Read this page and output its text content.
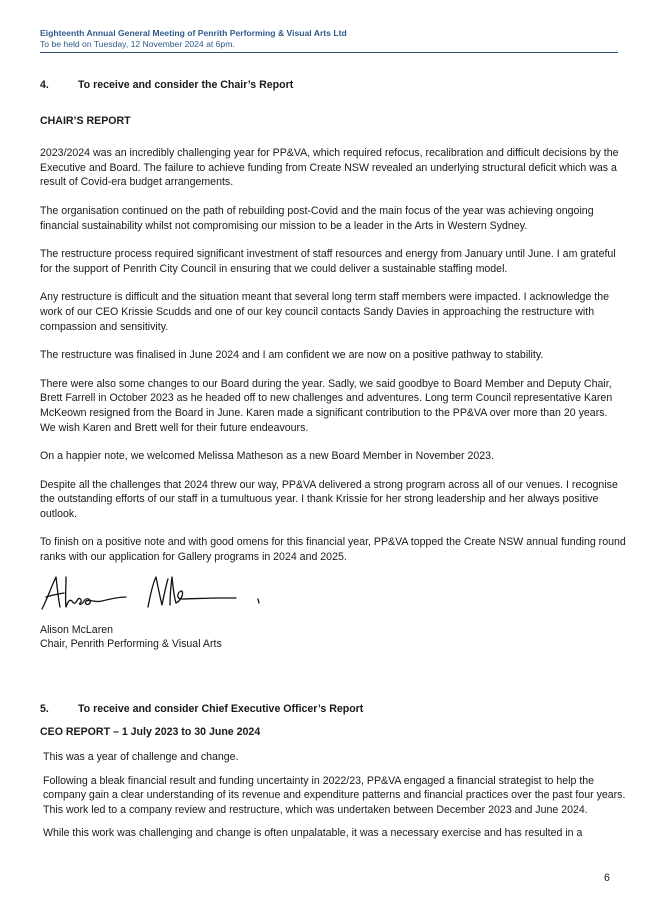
Eighteenth Annual General Meeting of Penrith Performing & Visual Arts Ltd
To be held on Tuesday, 12 November 2024 at 6pm.
4.	To receive and consider the Chair’s Report
CHAIR’S REPORT

2023/2024 was an incredibly challenging year for PP&VA, which required refocus, recalibration and difficult decisions by the Executive and Board. The failure to achieve funding from Create NSW revealed an underlying structural deficit which was a result of Covid-era budget arrangements.

The organisation continued on the path of rebuilding post-Covid and the main focus of the year was achieving ongoing financial sustainability whilst not compromising our mission to be a leader in the Arts in Western Sydney.

The restructure process required significant investment of staff resources and energy from January until June. I am grateful for the support of Penrith City Council in ensuring that we could deliver a sustainable staffing model.

Any restructure is difficult and the situation meant that several long term staff members were impacted. I acknowledge the work of our CEO Krissie Scudds and one of our key council contacts Sandy Davies in approaching the restructure with compassion and sensitivity.

The restructure was finalised in June 2024 and I am confident we are now on a positive pathway to stability.

There were also some changes to our Board during the year. Sadly, we said goodbye to Board Member and Deputy Chair, Brett Farrell in October 2023 as he headed off to new challenges and adventures. Long term Council representative Karen McKeown resigned from the Board in June. Karen made a significant contribution to the PP&VA over more than 20 years. We wish Karen and Brett well for their future endeavours.

On a happier note, we welcomed Melissa Matheson as a new Board Member in November 2023.

Despite all the challenges that 2024 threw our way, PP&VA delivered a strong program across all of our venues. I recognise the outstanding efforts of our staff in a tumultuous year. I thank Krissie for her strong leadership and her always positive outlook.

To finish on a positive note and with good omens for this financial year, PP&VA topped the Create NSW annual funding round ranks with our application for Gallery programs in 2024 and 2025.

Alison McLaren
Chair, Penrith Performing & Visual Arts
5.	To receive and consider Chief Executive Officer’s Report
CEO REPORT – 1 July 2023 to 30 June 2024

This was a year of challenge and change.

Following a bleak financial result and funding uncertainty in 2022/23, PP&VA engaged a financial strategist to help the company gain a clear understanding of its revenue and expenditure patterns and financial practices over the past four years. This work led to a company review and restructure, which was undertaken between December 2023 and June 2024.

While this work was challenging and change is often unpalatable, it was a necessary exercise and has resulted in a

6
